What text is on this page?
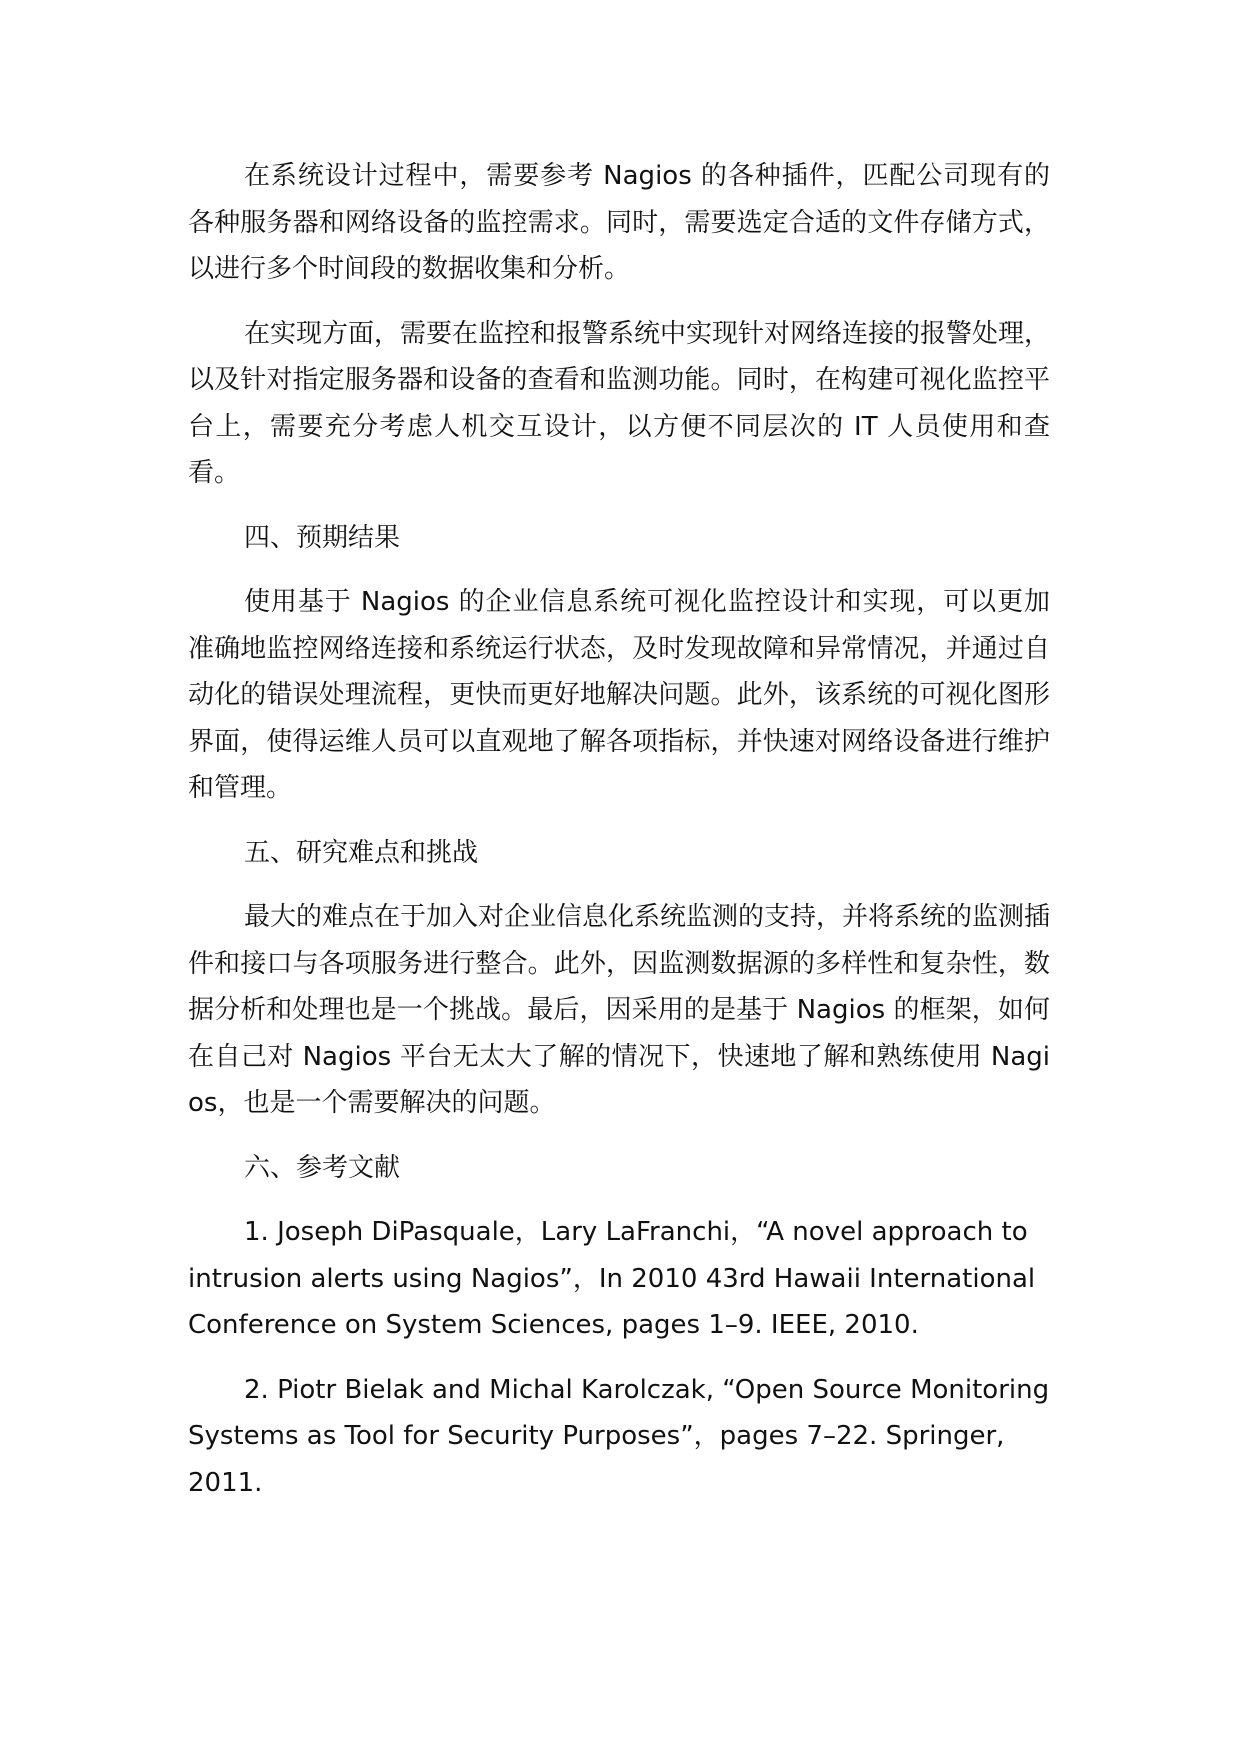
在系统设计过程中，需要参考 Nagios 的各种插件，匹配公司现有的各种服务器和网络设备的监控需求。同时，需要选定合适的文件存储方式，以进行多个时间段的数据收集和分析。

在实现方面，需要在监控和报警系统中实现针对网络连接的报警处理，以及针对指定服务器和设备的查看和监测功能。同时，在构建可视化监控平台上，需要充分考虑人机交互设计，以方便不同层次的 IT 人员使用和查看。

四、预期结果

使用基于 Nagios 的企业信息系统可视化监控设计和实现，可以更加准确地监控网络连接和系统运行状态，及时发现故障和异常情况，并通过自动化的错误处理流程，更快而更好地解决问题。此外，该系统的可视化图形界面，使得运维人员可以直观地了解各项指标，并快速对网络设备进行维护和管理。

五、研究难点和挑战

最大的难点在于加入对企业信息化系统监测的支持，并将系统的监测插件和接口与各项服务进行整合。此外，因监测数据源的多样性和复杂性，数据分析和处理也是一个挑战。最后，因采用的是基于 Nagios 的框架，如何在自己对 Nagios 平台无太大了解的情况下，快速地了解和熟练使用 Nagios，也是一个需要解决的问题。

六、参考文献

1. Joseph DiPasquale，Lary LaFranchi，“A novel approach to intrusion alerts using Nagios”，In 2010 43rd Hawaii International Conference on System Sciences, pages 1–9. IEEE, 2010.

2. Piotr Bielak and Michal Karolczak, “Open Source Monitoring Systems as Tool for Security Purposes”，pages 7–22. Springer, 2011.
